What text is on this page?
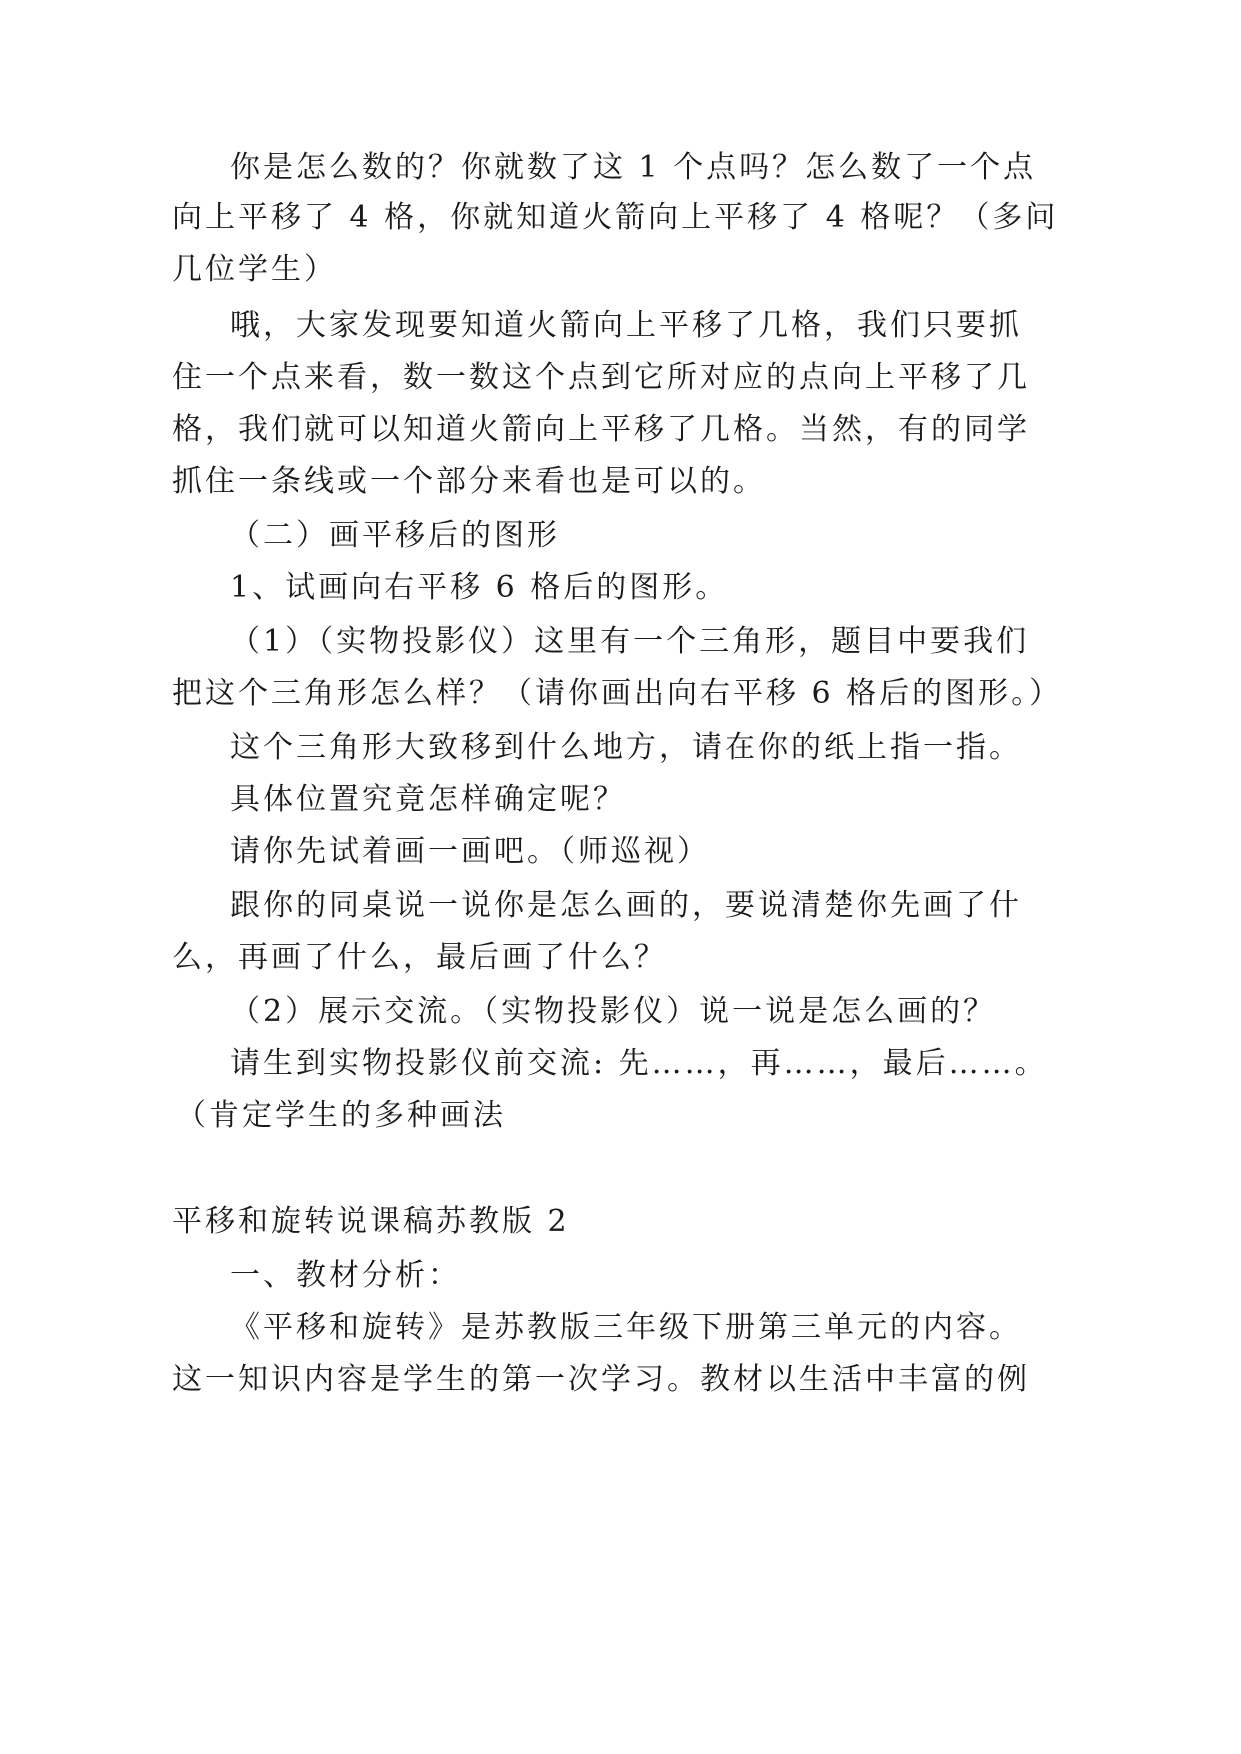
你是怎么数的？你就数了这 1 个点吗？怎么数了一个点
向上平移了 4 格，你就知道火箭向上平移了 4 格呢？（多问
几位学生）
哦，大家发现要知道火箭向上平移了几格，我们只要抓
住一个点来看，数一数这个点到它所对应的点向上平移了几
格，我们就可以知道火箭向上平移了几格。当然，有的同学
抓住一条线或一个部分来看也是可以的。
（二）画平移后的图形
1、试画向右平移 6 格后的图形。
（1）（实物投影仪）这里有一个三角形，题目中要我们
把这个三角形怎么样？（请你画出向右平移 6 格后的图形。）
这个三角形大致移到什么地方，请在你的纸上指一指。
具体位置究竟怎样确定呢？
请你先试着画一画吧。（师巡视）
跟你的同桌说一说你是怎么画的，要说清楚你先画了什
么，再画了什么，最后画了什么？
（2）展示交流。（实物投影仪）说一说是怎么画的？
请生到实物投影仪前交流: 先……，再……，最后……。
（肯定学生的多种画法
平移和旋转说课稿苏教版 2
一、教材分析：
《平移和旋转》是苏教版三年级下册第三单元的内容。
这一知识内容是学生的第一次学习。教材以生活中丰富的例
